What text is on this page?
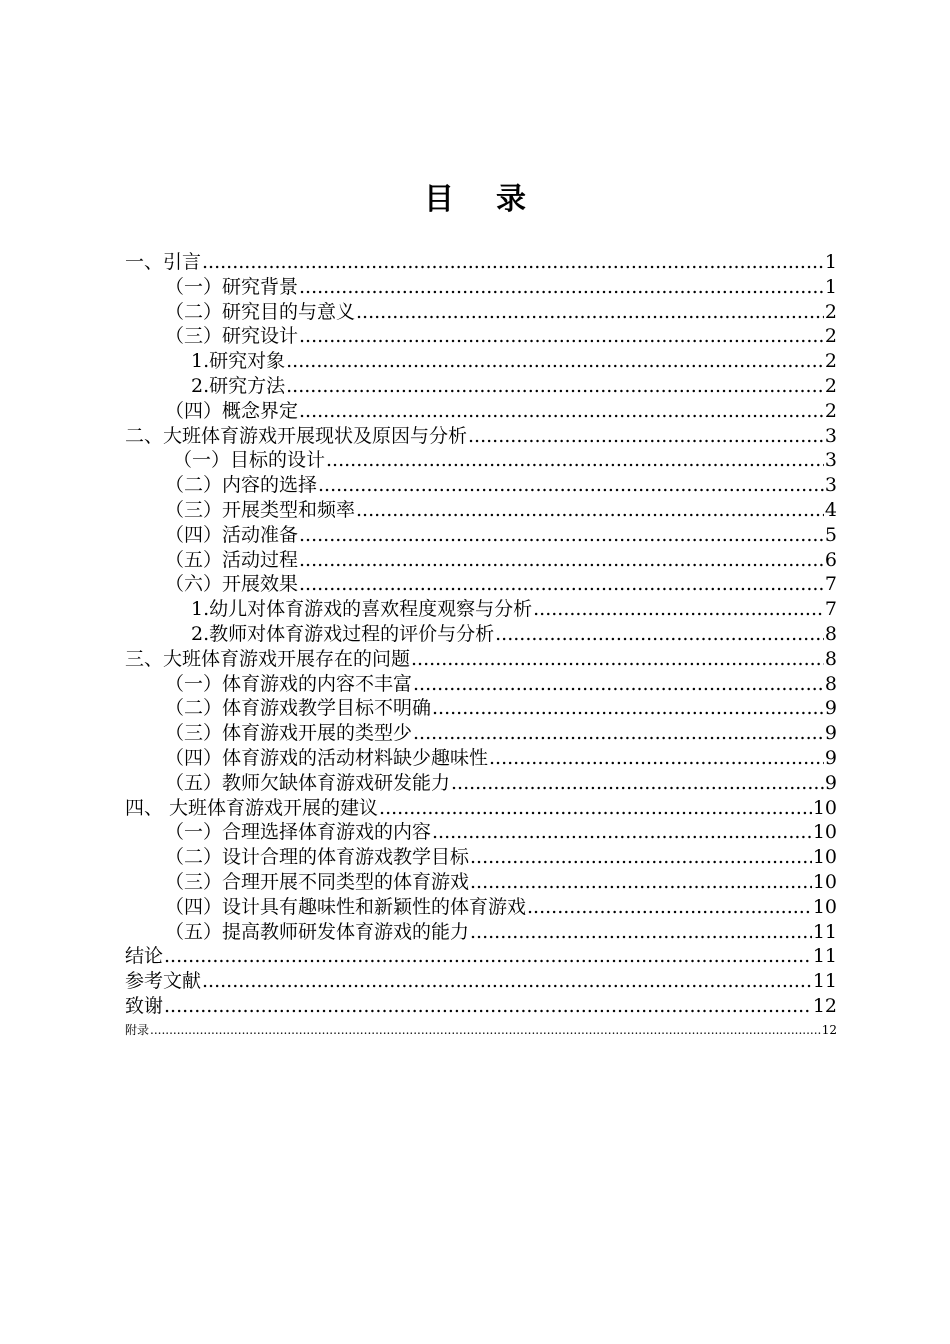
目录
一、引言 .....	1
（一）研究背景 .....	1
（二）研究目的与意义 .....	2
（三）研究设计 .....	2
1.研究对象 .....	2
2.研究方法 .....	2
（四）概念界定 .....	2
二、大班体育游戏开展现状及原因与分析 .....	3
（一）目标的设计 .....	3
（二）内容的选择 .....	3
（三）开展类型和频率 .....	4
（四）活动准备 .....	5
（五）活动过程 .....	6
（六）开展效果 .....	7
1.幼儿对体育游戏的喜欢程度观察与分析 .....	7
2.教师对体育游戏过程的评价与分析 .....	8
三、大班体育游戏开展存在的问题 .....	8
（一）体育游戏的内容不丰富 .....	8
（二）体育游戏教学目标不明确 .....	9
（三）体育游戏开展的类型少 .....	9
（四）体育游戏的活动材料缺少趣味性 .....	9
（五）教师欠缺体育游戏研发能力 .....	9
四、 大班体育游戏开展的建议 .....	10
（一）合理选择体育游戏的内容 .....	10
（二）设计合理的体育游戏教学目标 .....	10
（三）合理开展不同类型的体育游戏 .....	10
（四）设计具有趣味性和新颖性的体育游戏 .....	10
（五）提高教师研发体育游戏的能力 .....	11
结论 .....	11
参考文献 .....	11
致谢 .....	12
附录 .....	12
